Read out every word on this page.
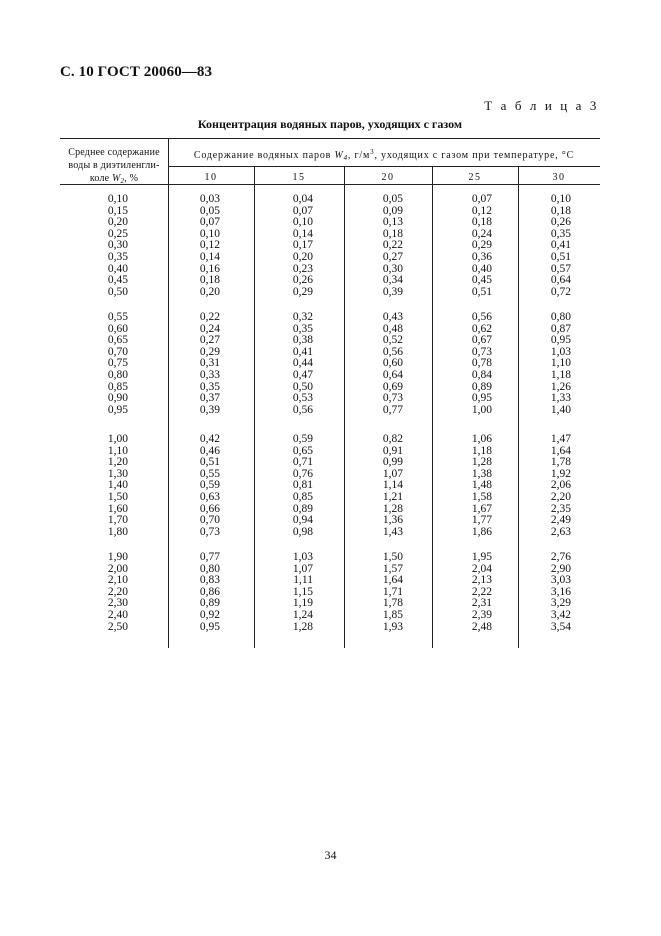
С. 10 ГОСТ 20060—83
Т а б л и ц а 3
Концентрация водяных паров, уходящих с газом
Среднее содержание
воды в диэтиленгли-
коле $W_2$, %
Содержание водяных паров $W_4$, $г/м^3$, уходящих с газом при температуре, °С
10	15	20	25	30
0,10	0,03	0,04	0,05	0,07	0,10
0,15	0,05	0,07	0,09	0,12	0,18
0,20	0,07	0,10	0,13	0,18	0,26
0,25	0,10	0,14	0,18	0,24	0,35
0,30	0,12	0,17	0,22	0,29	0,41
0,35	0,14	0,20	0,27	0,36	0,51
0,40	0,16	0,23	0,30	0,40	0,57
0,45	0,18	0,26	0,34	0,45	0,64
0,50	0,20	0,29	0,39	0,51	0,72
0,55	0,22	0,32	0,43	0,56	0,80
0,60	0,24	0,35	0,48	0,62	0,87
0,65	0,27	0,38	0,52	0,67	0,95
0,70	0,29	0,41	0,56	0,73	1,03
0,75	0,31	0,44	0,60	0,78	1,10
0,80	0,33	0,47	0,64	0,84	1,18
0,85	0,35	0,50	0,69	0,89	1,26
0,90	0,37	0,53	0,73	0,95	1,33
0,95	0,39	0,56	0,77	1,00	1,40
1,00	0,42	0,59	0,82	1,06	1,47
1,10	0,46	0,65	0,91	1,18	1,64
1,20	0,51	0,71	0,99	1,28	1,78
1,30	0,55	0,76	1,07	1,38	1,92
1,40	0,59	0,81	1,14	1,48	2,06
1,50	0,63	0,85	1,21	1,58	2,20
1,60	0,66	0,89	1,28	1,67	2,35
1,70	0,70	0,94	1,36	1,77	2,49
1,80	0,73	0,98	1,43	1,86	2,63
1,90	0,77	1,03	1,50	1,95	2,76
2,00	0,80	1,07	1,57	2,04	2,90
2,10	0,83	1,11	1,64	2,13	3,03
2,20	0,86	1,15	1,71	2,22	3,16
2,30	0,89	1,19	1,78	2,31	3,29
2,40	0,92	1,24	1,85	2,39	3,42
2,50	0,95	1,28	1,93	2,48	3,54
34
